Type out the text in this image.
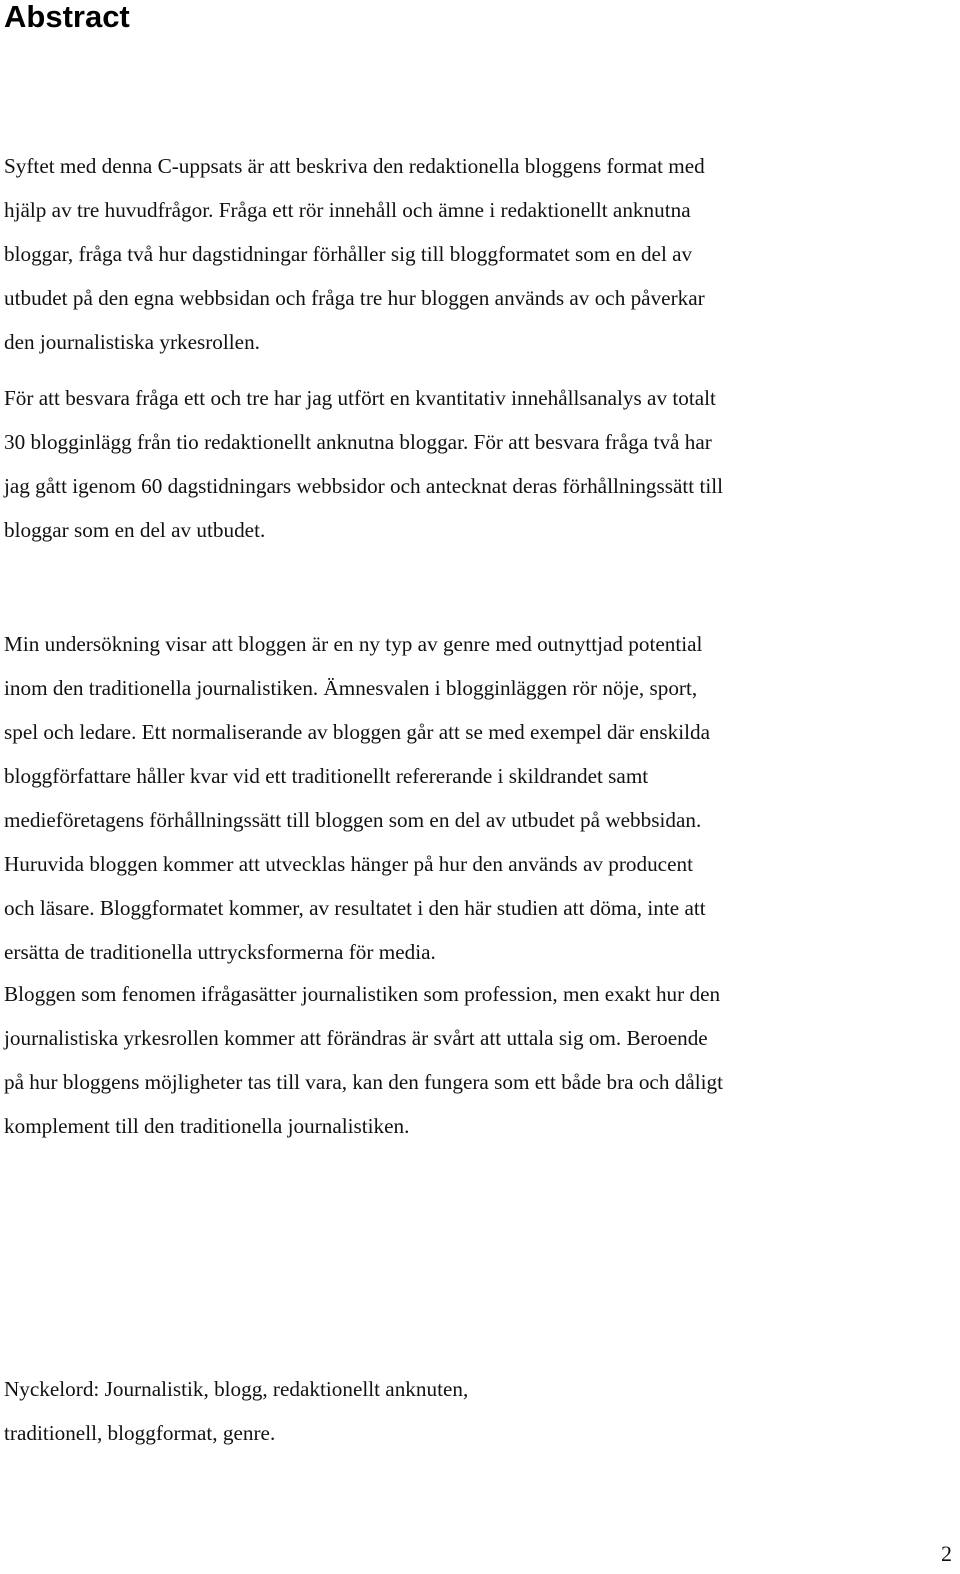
Abstract

Syftet med denna C-uppsats är att beskriva den redaktionella bloggens format med
hjälp av tre huvudfrågor. Fråga ett rör innehåll och ämne i redaktionellt anknutna
bloggar, fråga två hur dagstidningar förhåller sig till bloggformatet som en del av
utbudet på den egna webbsidan och fråga tre hur bloggen används av och påverkar
den journalistiska yrkesrollen.

För att besvara fråga ett och tre har jag utfört en kvantitativ innehållsanalys av totalt
30 blogginlägg från tio redaktionellt anknutna bloggar. För att besvara fråga två har
jag gått igenom 60 dagstidningars webbsidor och antecknat deras förhållningssätt till
bloggar som en del av utbudet.

Min undersökning visar att bloggen är en ny typ av genre med outnyttjad potential
inom den traditionella journalistiken. Ämnesvalen i blogginläggen rör nöje, sport,
spel och ledare. Ett normaliserande av bloggen går att se med exempel där enskilda
bloggförfattare håller kvar vid ett traditionellt refererande i skildrandet samt
medieföretagens förhållningssätt till bloggen som en del av utbudet på webbsidan.
Huruvida bloggen kommer att utvecklas hänger på hur den används av producent
och läsare. Bloggformatet kommer, av resultatet i den här studien att döma, inte att
ersätta de traditionella uttrycksformerna för media.

Bloggen som fenomen ifrågasätter journalistiken som profession, men exakt hur den
journalistiska yrkesrollen kommer att förändras är svårt att uttala sig om. Beroende
på hur bloggens möjligheter tas till vara, kan den fungera som ett både bra och dåligt
komplement till den traditionella journalistiken.

Nyckelord: Journalistik, blogg, redaktionellt anknuten,
traditionell, bloggformat, genre.

2
